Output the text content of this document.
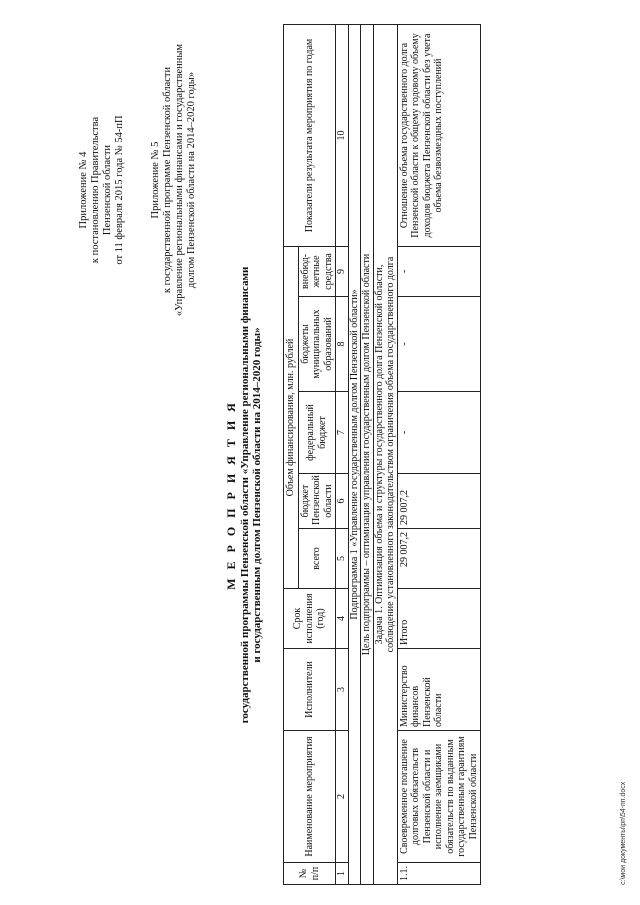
Приложение № 4 к постановлению Правительства Пензенской области от 11 февраля 2015 года № 54-пП Приложение № 5 к государственной программе Пензенской области «Управление региональными финансами и государственным долгом Пензенской области на 2014–2020 годы»
М Е Р О П Р И Я Т И Я государственной программы Пензенской области «Управление региональными финансами и государственным долгом Пензенской области на 2014–2020 годы»
№ п/п	Наименование мероприятия	Исполнители	Срок исполнения (год)	Объем финансирования, млн. рублей					Показатели результата мероприятия по годам
				всего	бюджет Пензенской области	федеральный бюджет	бюджеты муниципальных образований	внебюд-жетные средства	
1	2	3	4	5	6	7	8	9	10
Подпрограмма 1 «Управление государственным долгом Пензенской области»									
Цель подпрограммы – оптимизация управления государственным долгом Пензенской области									

Задача 1. Оптимизация объема и структуры государственного долга Пензенской области, соблюдение установленного законодательством ограничения объема государственного долга									

1.1.	Своевременное погашение долговых обязательств Пензенской области и исполнение заемщиками обязательств по выданным государственным гарантиям Пензенской области	Министерство финансов Пензенской области	Итого	29 007,2	29 007,2	-	-	-	Отношение объема государственного долга Пензенской области к общему годовому объему доходов бюджета Пензенской области без учета объема безвозмездных поступлений
c:\мои документы\рп\54-пп.docx
